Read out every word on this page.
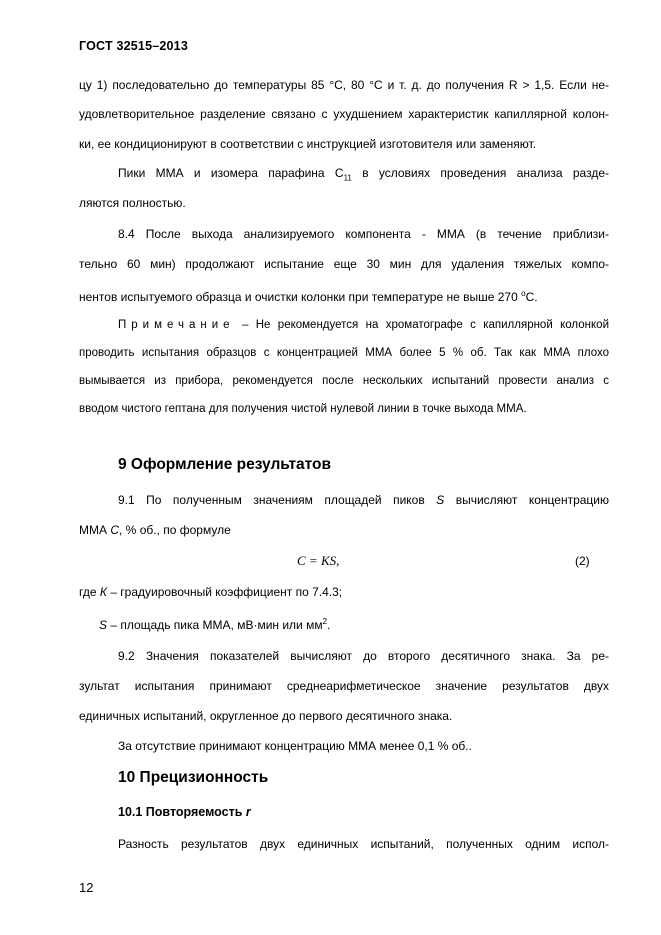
ГОСТ 32515–2013
цу 1) последовательно до температуры 85 °С, 80 °С и т. д. до получения R > 1,5. Если не-
удовлетворительное разделение связано с ухудшением характеристик капиллярной колон-
ки, ее кондиционируют в соответствии с инструкцией изготовителя или заменяют.
Пики ММА и изомера парафина $С_{11}$ в условиях проведения анализа разде-
ляются полностью.
8.4 После выхода анализируемого компонента - ММА (в течение приблизи-
тельно 60 мин) продолжают испытание еще 30 мин для удаления тяжелых компо-
нентов испытуемого образца и очистки колонки при температуре не выше 270 $^о$С.
Примечание – Не рекомендуется на хроматографе с капиллярной колонкой
проводить испытания образцов с концентрацией ММА более 5 % об. Так как ММА плохо
вымывается из прибора, рекомендуется после нескольких испытаний провести анализ с
вводом чистого гептана для получения чистой нулевой линии в точке выхода ММА.
9 Оформление результатов
9.1 По полученным значениям площадей пиков S вычисляют концентрацию
ММА С, % об., по формуле
C = KS,	(2)
где К – градуировочный коэффициент по 7.4.3;
S – площадь пика ММА, мВ·мин или $мм^2$.
9.2 Значения показателей вычисляют до второго десятичного знака. За ре-
зультат испытания принимают среднеарифметическое значение результатов двух
единичных испытаний, округленное до первого десятичного знака.
За отсутствие принимают концентрацию ММА менее 0,1 % об..
10 Прецизионность
10.1 Повторяемость r
Разность результатов двух единичных испытаний, полученных одним испол-
12
